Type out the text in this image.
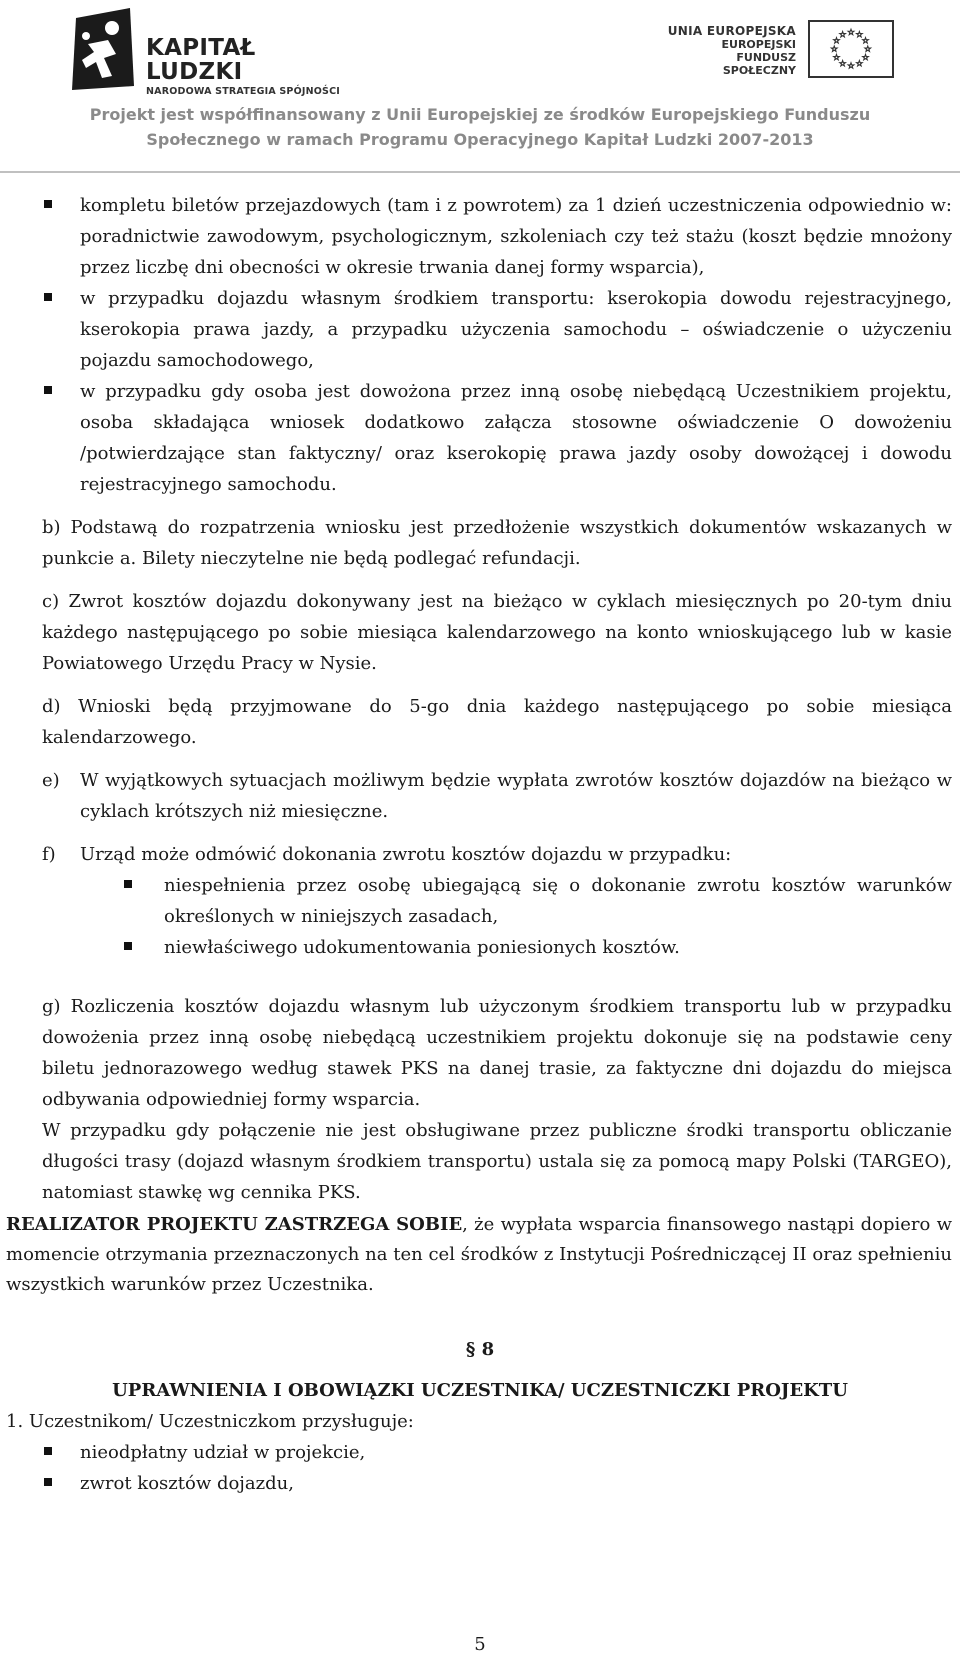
KAPITAŁ LUDZKI
NARODOWA STRATEGIA SPÓJNOŚCI
UNIA EUROPEJSKA
EUROPEJSKI
FUNDUSZ SPOŁECZNY
Projekt jest współfinansowany z Unii Europejskiej ze środków Europejskiego Funduszu
Społecznego w ramach Programu Operacyjnego Kapitał Ludzki 2007-2013
kompletu biletów przejazdowych (tam i z powrotem) za 1 dzień uczestniczenia odpowiednio w: poradnictwie zawodowym, psychologicznym, szkoleniach czy też stażu (koszt będzie mnożony przez liczbę dni obecności w okresie trwania danej formy wsparcia),
w przypadku dojazdu własnym środkiem transportu: kserokopia dowodu rejestracyjnego, kserokopia prawa jazdy, a przypadku użyczenia samochodu – oświadczenie o użyczeniu pojazdu samochodowego,
w przypadku gdy osoba jest dowożona przez inną osobę niebędącą Uczestnikiem projektu, osoba składająca wniosek dodatkowo załącza stosowne oświadczenie O dowożeniu /potwierdzające stan faktyczny/ oraz kserokopię prawa jazdy osoby dowożącej i dowodu rejestracyjnego samochodu.

b) Podstawą do rozpatrzenia wniosku jest przedłożenie wszystkich dokumentów wskazanych w punkcie a. Bilety nieczytelne nie będą podlegać refundacji.

c) Zwrot kosztów dojazdu dokonywany jest na bieżąco w cyklach miesięcznych po 20-tym dniu każdego następującego po sobie miesiąca kalendarzowego na konto wnioskującego lub w kasie Powiatowego Urzędu Pracy w Nysie.

d) Wnioski będą przyjmowane do 5-go dnia każdego następującego po sobie miesiąca kalendarzowego.

e) W wyjątkowych sytuacjach możliwym będzie wypłata zwrotów kosztów dojazdów na bieżąco w cyklach krótszych niż miesięczne.
f) Urząd może odmówić dokonania zwrotu kosztów dojazdu w przypadku:
niespełnienia przez osobę ubiegającą się o dokonanie zwrotu kosztów warunków określonych w niniejszych zasadach,
niewłaściwego udokumentowania poniesionych kosztów.

g) Rozliczenia kosztów dojazdu własnym lub użyczonym środkiem transportu lub w przypadku dowożenia przez inną osobę niebędącą uczestnikiem projektu dokonuje się na podstawie ceny biletu jednorazowego według stawek PKS na danej trasie, za faktyczne dni dojazdu do miejsca odbywania odpowiedniej formy wsparcia.

W przypadku gdy połączenie nie jest obsługiwane przez publiczne środki transportu obliczanie długości trasy (dojazd własnym środkiem transportu) ustala się za pomocą mapy Polski (TARGEO), natomiast stawkę wg cennika PKS.

REALIZATOR PROJEKTU ZASTRZEGA SOBIE, że wypłata wsparcia finansowego nastąpi dopiero w momencie otrzymania przeznaczonych na ten cel środków z Instytucji Pośredniczącej II oraz spełnieniu wszystkich warunków przez Uczestnika.
§ 8
UPRAWNIENIA I OBOWIĄZKI UCZESTNIKA/ UCZESTNICZKI PROJEKTU
1. Uczestnikom/ Uczestniczkom przysługuje:
nieodpłatny udział w projekcie,
zwrot kosztów dojazdu,
5
